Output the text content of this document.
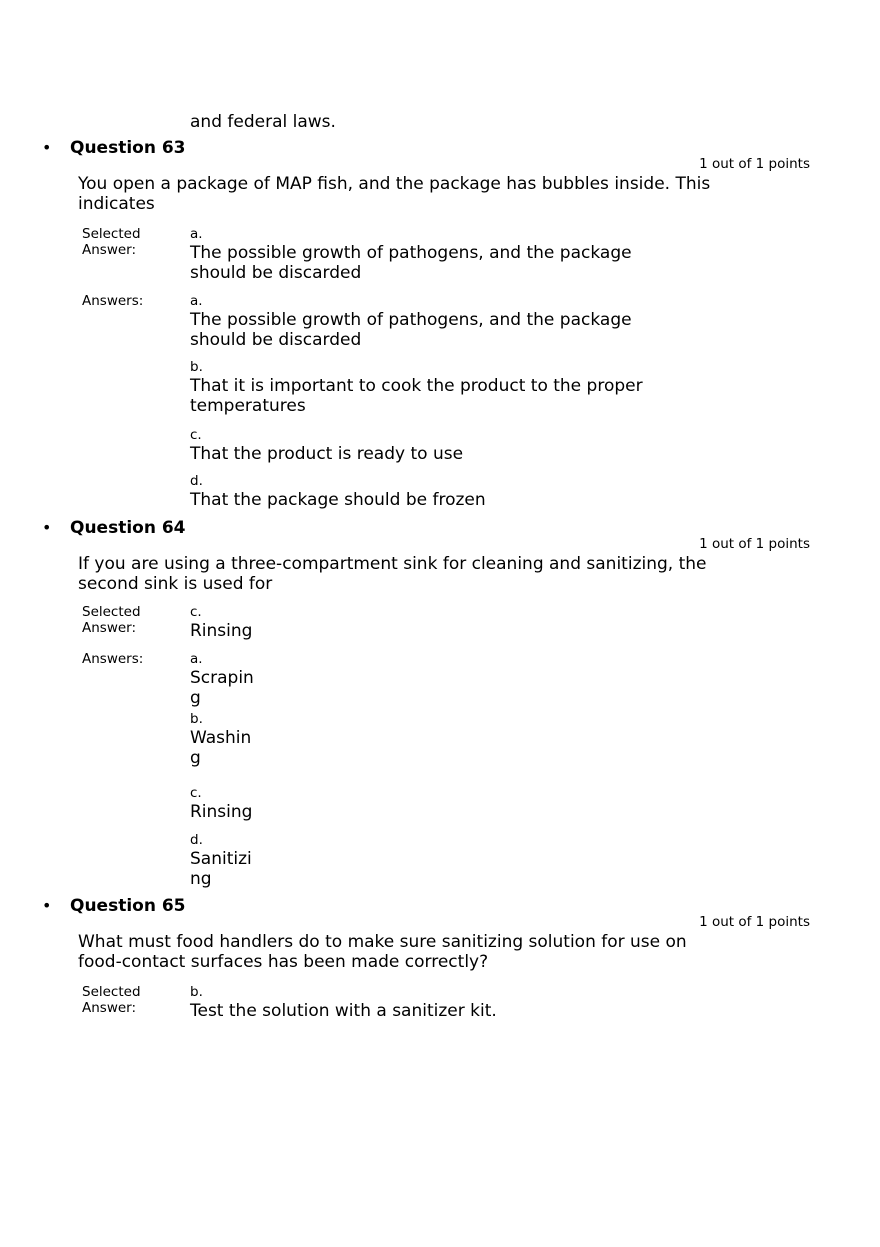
and federal laws.
• Question 63
1 out of 1 points
You open a package of MAP fish, and the package has bubbles inside. This
indicates
Selected
Answer:
a.
The possible growth of pathogens, and the package
should be discarded
Answers:	a.
The possible growth of pathogens, and the package
should be discarded
b.
That it is important to cook the product to the proper
temperatures
c.
That the product is ready to use
d.
That the package should be frozen
• Question 64
1 out of 1 points
If you are using a three-compartment sink for cleaning and sanitizing, the
second sink is used for
Selected
Answer:
c.
Rinsing
Answers:	a.
Scrapin
g
b.
Washin
g
c.
Rinsing
d.
Sanitizi
ng
• Question 65
1 out of 1 points
What must food handlers do to make sure sanitizing solution for use on
food-contact surfaces has been made correctly?
Selected
Answer:
b.
Test the solution with a sanitizer kit.
